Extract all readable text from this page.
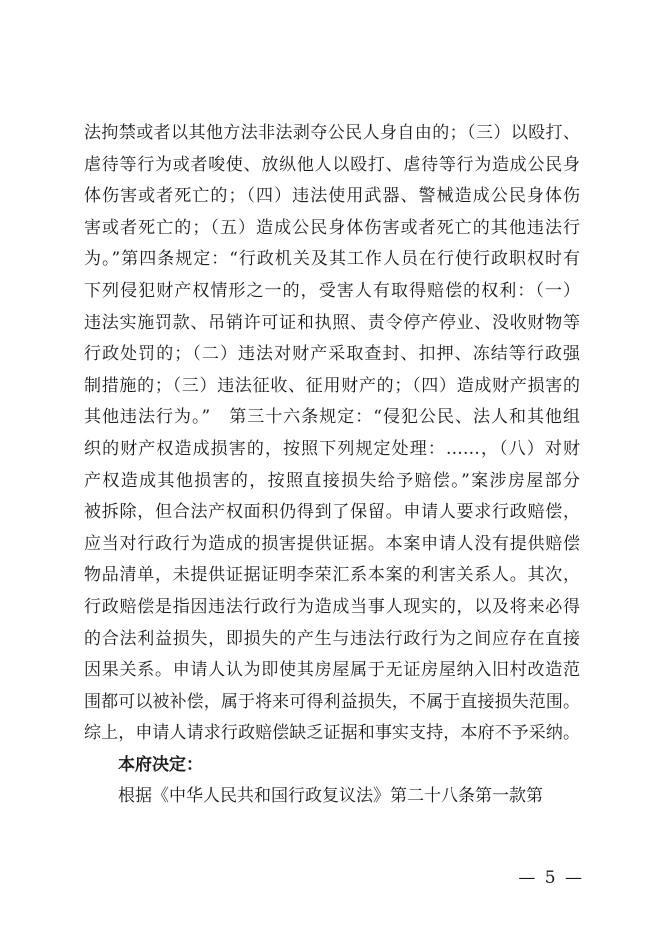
法拘禁或者以其他方法非法剥夺公民人身自由的；（三）以殴打、
虐待等行为或者唆使、放纵他人以殴打、虐待等行为造成公民身
体伤害或者死亡的；（四）违法使用武器、警械造成公民身体伤
害或者死亡的；（五）造成公民身体伤害或者死亡的其他违法行
为。”第四条规定：“行政机关及其工作人员在行使行政职权时有
下列侵犯财产权情形之一的，受害人有取得赔偿的权利：（一）
违法实施罚款、吊销许可证和执照、责令停产停业、没收财物等
行政处罚的；（二）违法对财产采取查封、扣押、冻结等行政强
制措施的；（三）违法征收、征用财产的；（四）造成财产损害的
其他违法行为。”　第三十六条规定：“侵犯公民、法人和其他组
织的财产权造成损害的，按照下列规定处理：……，（八）对财
产权造成其他损害的，按照直接损失给予赔偿。”案涉房屋部分
被拆除，但合法产权面积仍得到了保留。申请人要求行政赔偿，
应当对行政行为造成的损害提供证据。本案申请人没有提供赔偿
物品清单，未提供证据证明李荣汇系本案的利害关系人。其次，
行政赔偿是指因违法行政行为造成当事人现实的，以及将来必得
的合法利益损失，即损失的产生与违法行政行为之间应存在直接
因果关系。申请人认为即使其房屋属于无证房屋纳入旧村改造范
围都可以被补偿，属于将来可得利益损失，不属于直接损失范围。
综上，申请人请求行政赔偿缺乏证据和事实支持，本府不予采纳。
本府决定：
根据《中华人民共和国行政复议法》第二十八条第一款第
— 5 —
